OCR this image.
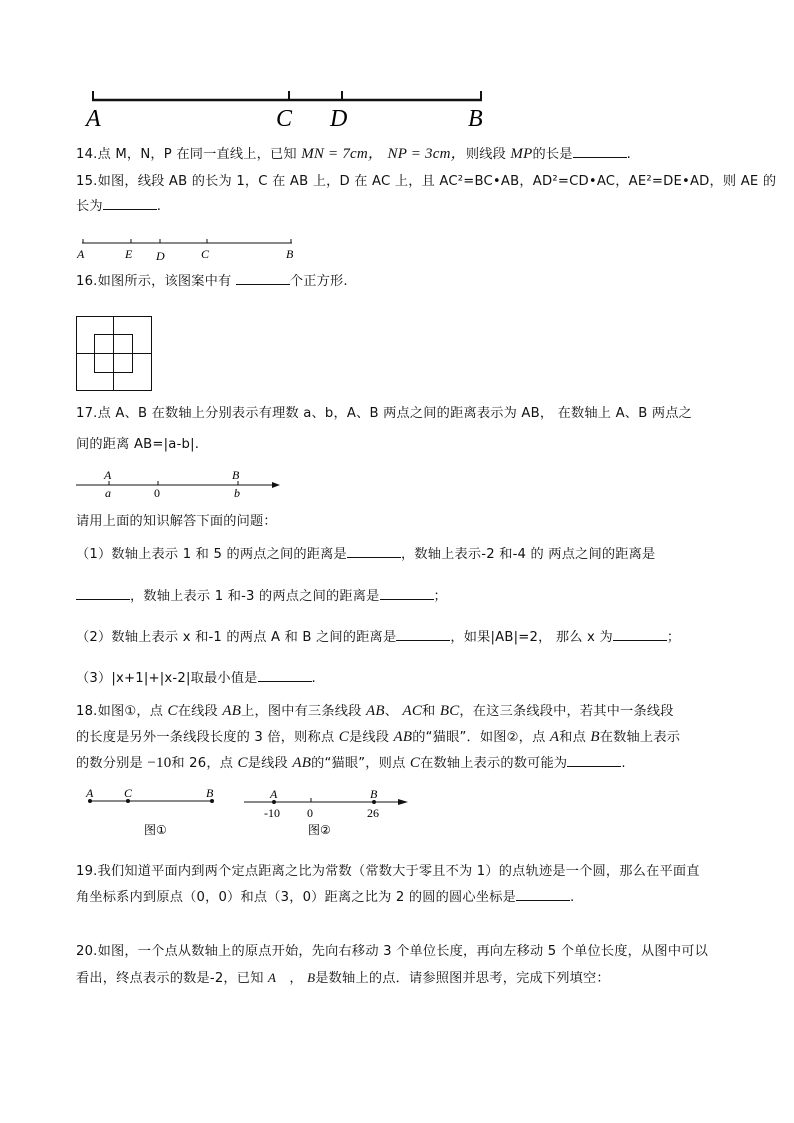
A	C D	B
14.点 M，N，P 在同一直线上，已知 MN = 7cm， NP = 3cm，则线段 MP的长是	.
15.如图，线段 AB 的长为 1，C 在 AB 上，D 在 AC 上，且 AC²=BC•AB，AD²=CD•AC，AE²=DE•AD，则 AE 的
长为	.
A	E D	C	B
16.如图所示，该图案中有	个正方形.
17.点 A、B 在数轴上分别表示有理数 a、b，A、B 两点之间的距离表示为 AB， 在数轴上 A、B 两点之
间的距离 AB=|a-b|.
A	B
a	0	b
请用上面的知识解答下面的问题：
（1）数轴上表示 1 和 5 的两点之间的距离是	，数轴上表示-2 和-4 的 两点之间的距离是
，数轴上表示 1 和-3 的两点之间的距离是	；
（2）数轴上表示 x 和-1 的两点 A 和 B 之间的距离是	，如果|AB|=2， 那么 x 为	；
（3）|x+1|+|x-2|取最小值是	.
18.如图①，点 C在线段 AB上，图中有三条线段 AB、 AC和 BC，在这三条线段中，若其中一条线段
的长度是另外一条线段长度的 3 倍，则称点 C是线段 AB的“猫眼”．如图②，点 A和点 B在数轴上表示
的数分别是 −10和 26，点 C是线段 AB的“猫眼”，则点 C在数轴上表示的数可能为	.
A	C	B
图①
A	B
-10 0	26
图②
19.我们知道平面内到两个定点距离之比为常数（常数大于零且不为 1）的点轨迹是一个圆，那么在平面直
角坐标系内到原点（0，0）和点（3，0）距离之比为 2 的圆的圆心坐标是	.
20.如图，一个点从数轴上的原点开始，先向右移动 3 个单位长度，再向左移动 5 个单位长度，从图中可以
看出，终点表示的数是-2，已知 A ， B是数轴上的点．请参照图并思考，完成下列填空：
